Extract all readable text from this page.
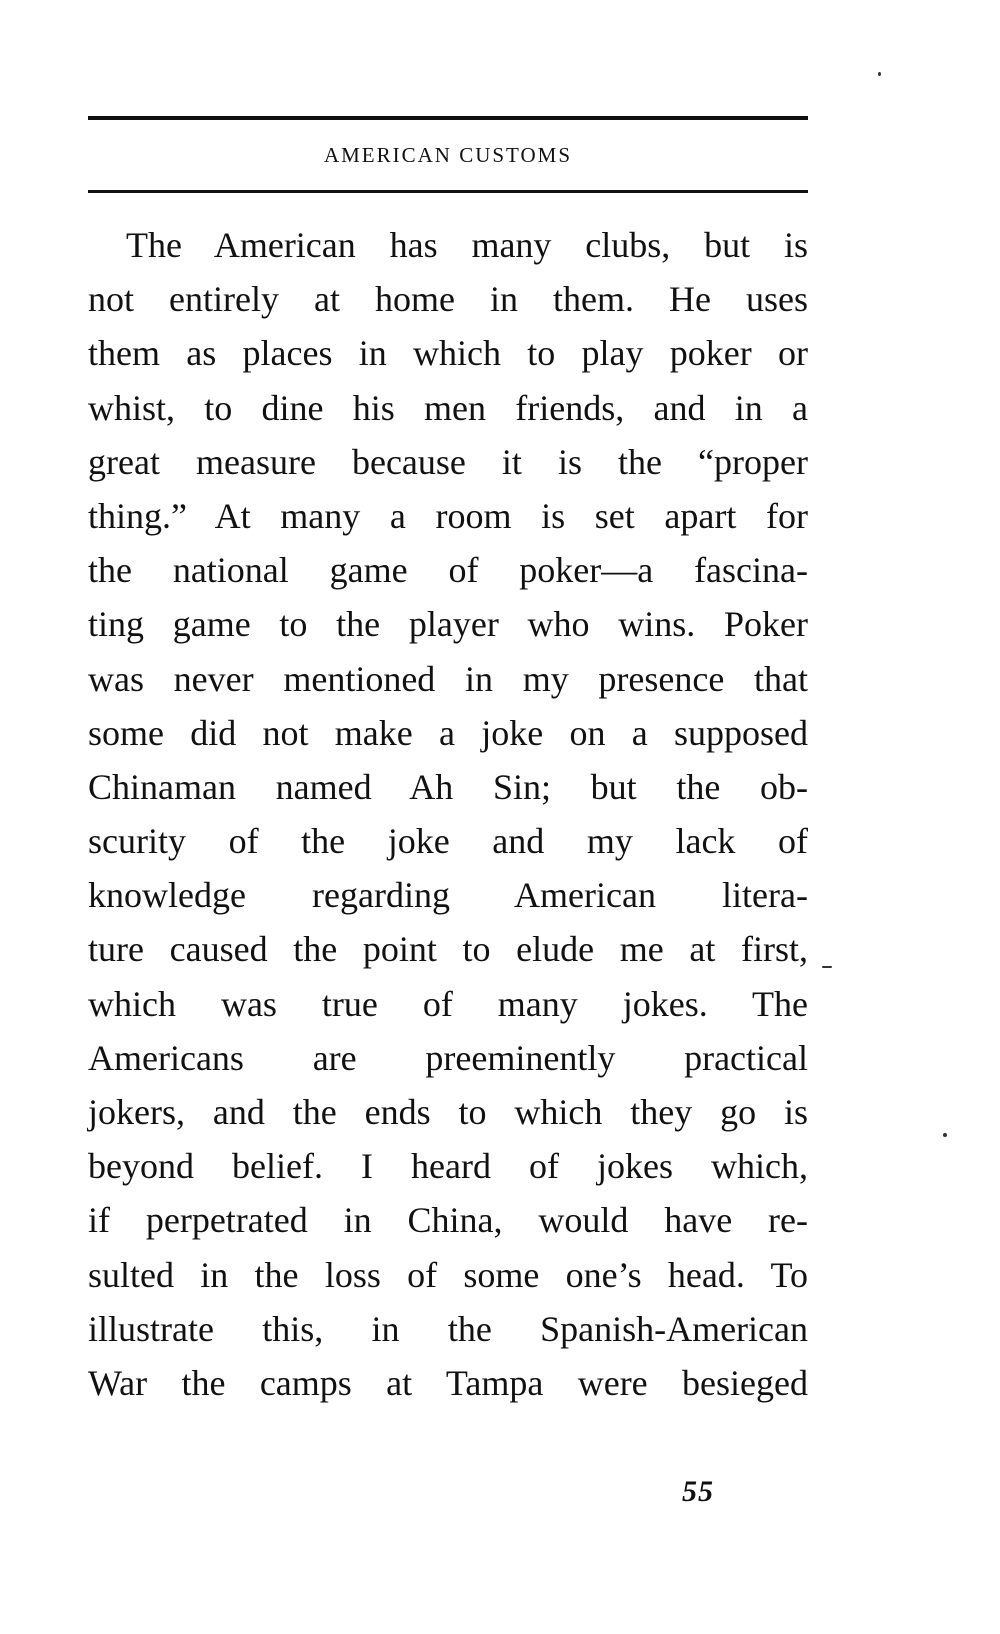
AMERICAN CUSTOMS
The American has many clubs, but is
not entirely at home in them. He uses
them as places in which to play poker or
whist, to dine his men friends, and in a
great measure because it is the “proper
thing.” At many a room is set apart for
the national game of poker—a fascina-
ting game to the player who wins. Poker
was never mentioned in my presence that
some did not make a joke on a supposed
Chinaman named Ah Sin; but the ob-
scurity of the joke and my lack of
knowledge regarding American litera-
ture caused the point to elude me at first,
which was true of many jokes. The
Americans are preeminently practical
jokers, and the ends to which they go is
beyond belief. I heard of jokes which,
if perpetrated in China, would have re-
sulted in the loss of some one’s head. To
illustrate this, in the Spanish-American
War the camps at Tampa were besieged
55
